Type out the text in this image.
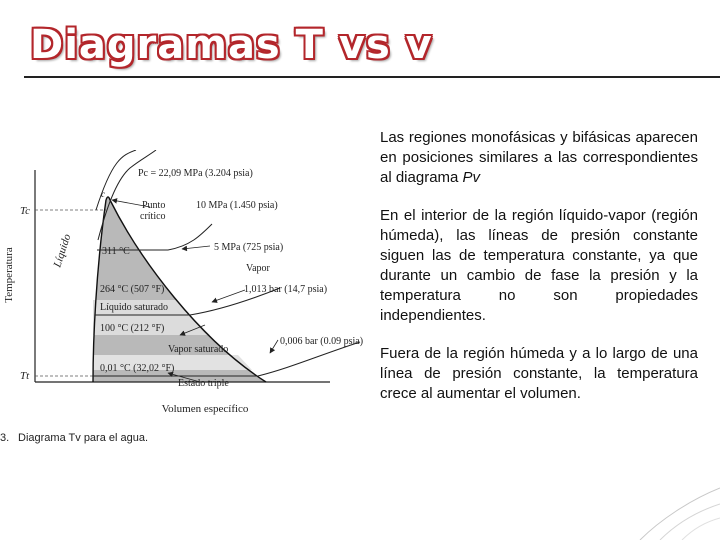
Diagramas T vs v
Temperatura
Volumen específico
Tc
Tt
Líquido
Pc = 22,09 MPa (3.204 psia)
c
Punto
crítico
10 MPa (1.450 psia)
311 °C	5 MPa (725 psia)
Vapor
264 °C (507 °F)	1,013 bar (14,7 psia)
Líquido saturado
100 °C (212 °F)
0,006 bar (0.09 psia)
Vapor saturado
0,01 °C (32,02 °F)
Estado triple
3. Diagrama Tv para el agua.

Las regiones monofásicas y bifásicas aparecen en posiciones similares a las correspondientes al diagrama Pv

En el interior de la región líquido-vapor (región húmeda), las líneas de presión constante siguen las de temperatura constante, ya que durante un cambio de fase la presión y la temperatura no son propiedades independientes.

Fuera de la región húmeda y a lo largo de una línea de presión constante, la temperatura crece al aumentar el volumen.
